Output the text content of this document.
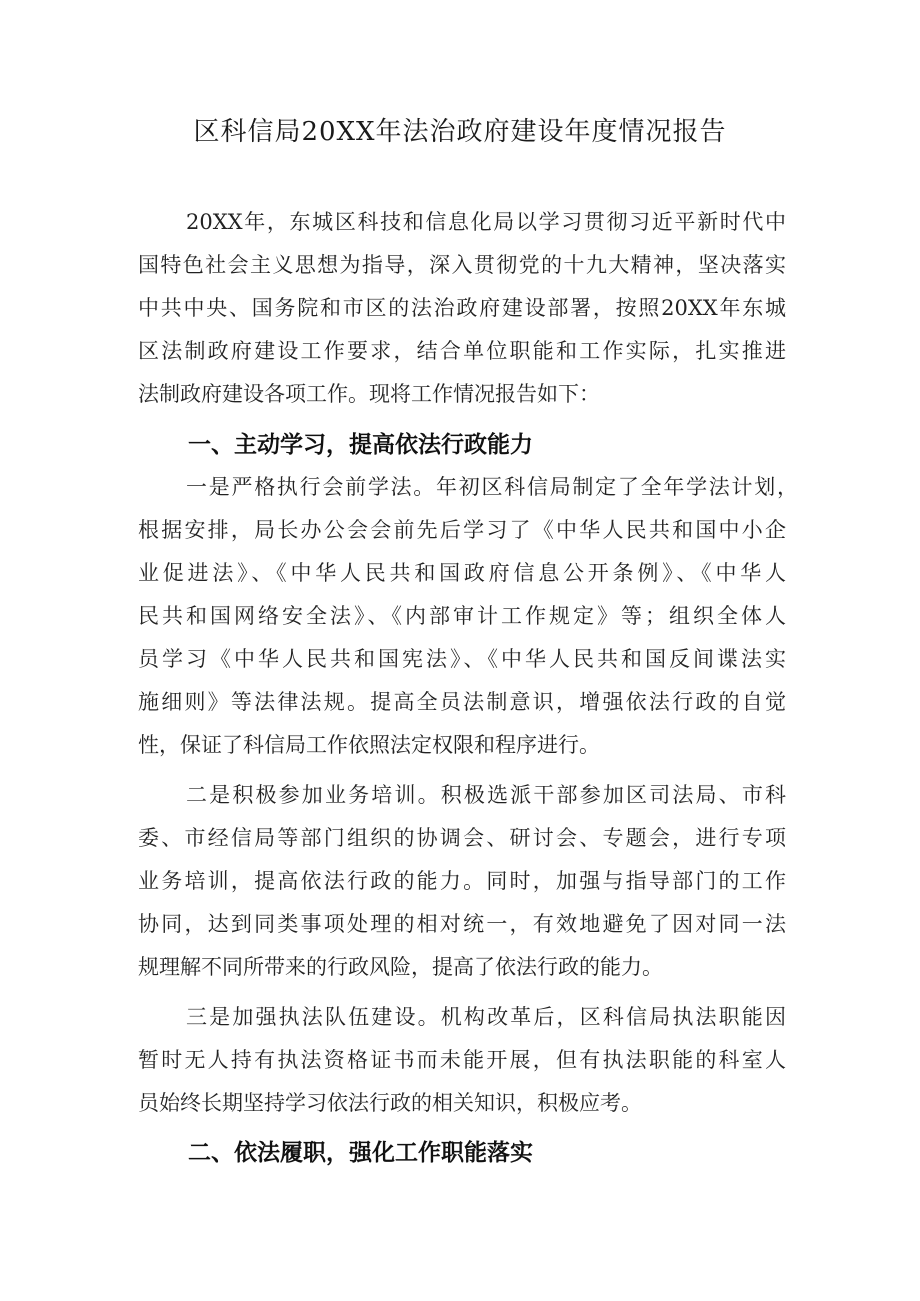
区科信局20XX年法治政府建设年度情况报告
20XX年，东城区科技和信息化局以学习贯彻习近平新时代中
国特色社会主义思想为指导，深入贯彻党的十九大精神，坚决落实
中共中央、国务院和市区的法治政府建设部署，按照20XX年东城
区法制政府建设工作要求，结合单位职能和工作实际，扎实推进
法制政府建设各项工作。现将工作情况报告如下：
一、主动学习，提高依法行政能力
一是严格执行会前学法。年初区科信局制定了全年学法计划，
根据安排，局长办公会会前先后学习了《中华人民共和国中小企
业促进法》、《中华人民共和国政府信息公开条例》、《中华人
民共和国网络安全法》、《内部审计工作规定》等；组织全体人
员学习《中华人民共和国宪法》、《中华人民共和国反间谍法实
施细则》等法律法规。提高全员法制意识，增强依法行政的自觉
性，保证了科信局工作依照法定权限和程序进行。
二是积极参加业务培训。积极选派干部参加区司法局、市科
委、市经信局等部门组织的协调会、研讨会、专题会，进行专项
业务培训，提高依法行政的能力。同时，加强与指导部门的工作
协同，达到同类事项处理的相对统一，有效地避免了因对同一法
规理解不同所带来的行政风险，提高了依法行政的能力。
三是加强执法队伍建设。机构改革后，区科信局执法职能因
暂时无人持有执法资格证书而未能开展，但有执法职能的科室人
员始终长期坚持学习依法行政的相关知识，积极应考。
二、依法履职，强化工作职能落实
